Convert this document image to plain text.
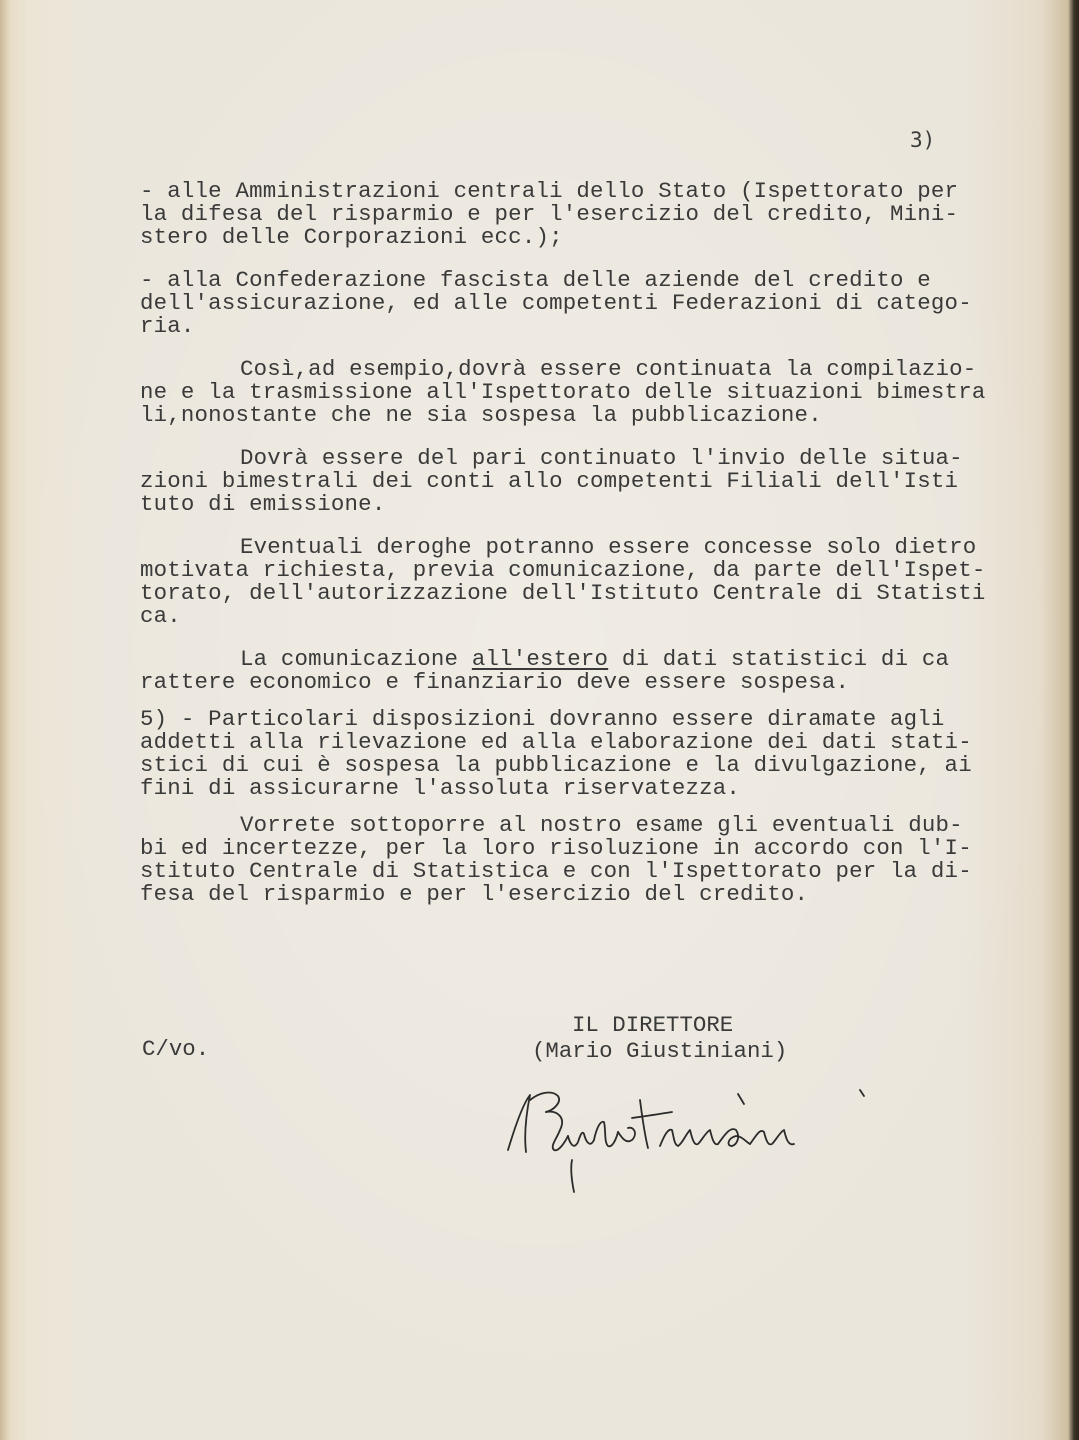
3)

- alle Amministrazioni centrali dello Stato (Ispettorato per

la difesa del risparmio e per l'esercizio del credito, Mini-

stero delle Corporazioni ecc.);

- alla Confederazione fascista delle aziende del credito e

dell'assicurazione, ed alle competenti Federazioni di catego-

ria.

Così,ad esempio,dovrà essere continuata la compilazio-

ne e la trasmissione all'Ispettorato delle situazioni bimestra

li,nonostante che ne sia sospesa la pubblicazione.

Dovrà essere del pari continuato l'invio delle situa-

zioni bimestrali dei conti allo competenti Filiali dell'Isti

tuto di emissione.

Eventuali deroghe potranno essere concesse solo dietro

motivata richiesta, previa comunicazione, da parte dell'Ispet-

torato, dell'autorizzazione dell'Istituto Centrale di Statisti

ca.

La comunicazione all'estero di dati statistici di ca

rattere economico e finanziario deve essere sospesa.

5) - Particolari disposizioni dovranno essere diramate agli

addetti alla rilevazione ed alla elaborazione dei dati stati-

stici di cui è sospesa la pubblicazione e la divulgazione, ai

fini di assicurarne l'assoluta riservatezza.

Vorrete sottoporre al nostro esame gli eventuali dub-

bi ed incertezze, per la loro risoluzione in accordo con l'I-

stituto Centrale di Statistica e con l'Ispettorato per la di-

fesa del risparmio e per l'esercizio del credito.

C/vo.
IL DIRETTORE
(Mario Giustiniani)
